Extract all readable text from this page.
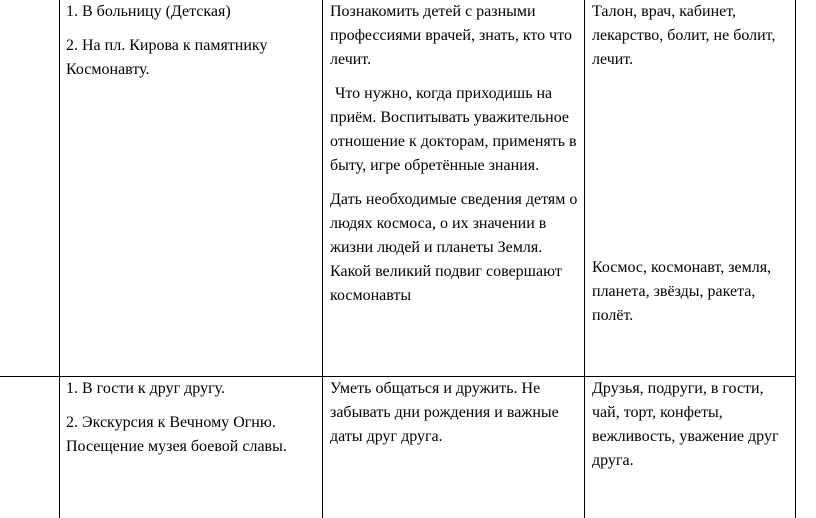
1. В больницу (Детская)

2. На пл. Кирова к памятнику Космонавту.

Познакомить детей с разными профессиями врачей, знать, кто что лечит.

Что нужно, когда приходишь на приём. Воспитывать уважительное отношение к докторам, применять в быту, игре обретённые знания.

Дать необходимые сведения детям о людях космоса, о их значении в жизни людей и планеты Земля. Какой великий подвиг совершают космонавты

Талон, врач, кабинет, лекарство, болит, не болит, лечит.

Космос, космонавт, земля, планета, звёзды, ракета, полёт.

1. В гости к друг другу.

2. Экскурсия к Вечному Огню. Посещение музея боевой славы.

Уметь общаться и дружить. Не забывать дни рождения и важные даты друг друга.

Друзья, подруги, в гости, чай, торт, конфеты, вежливость, уважение друг друга.
